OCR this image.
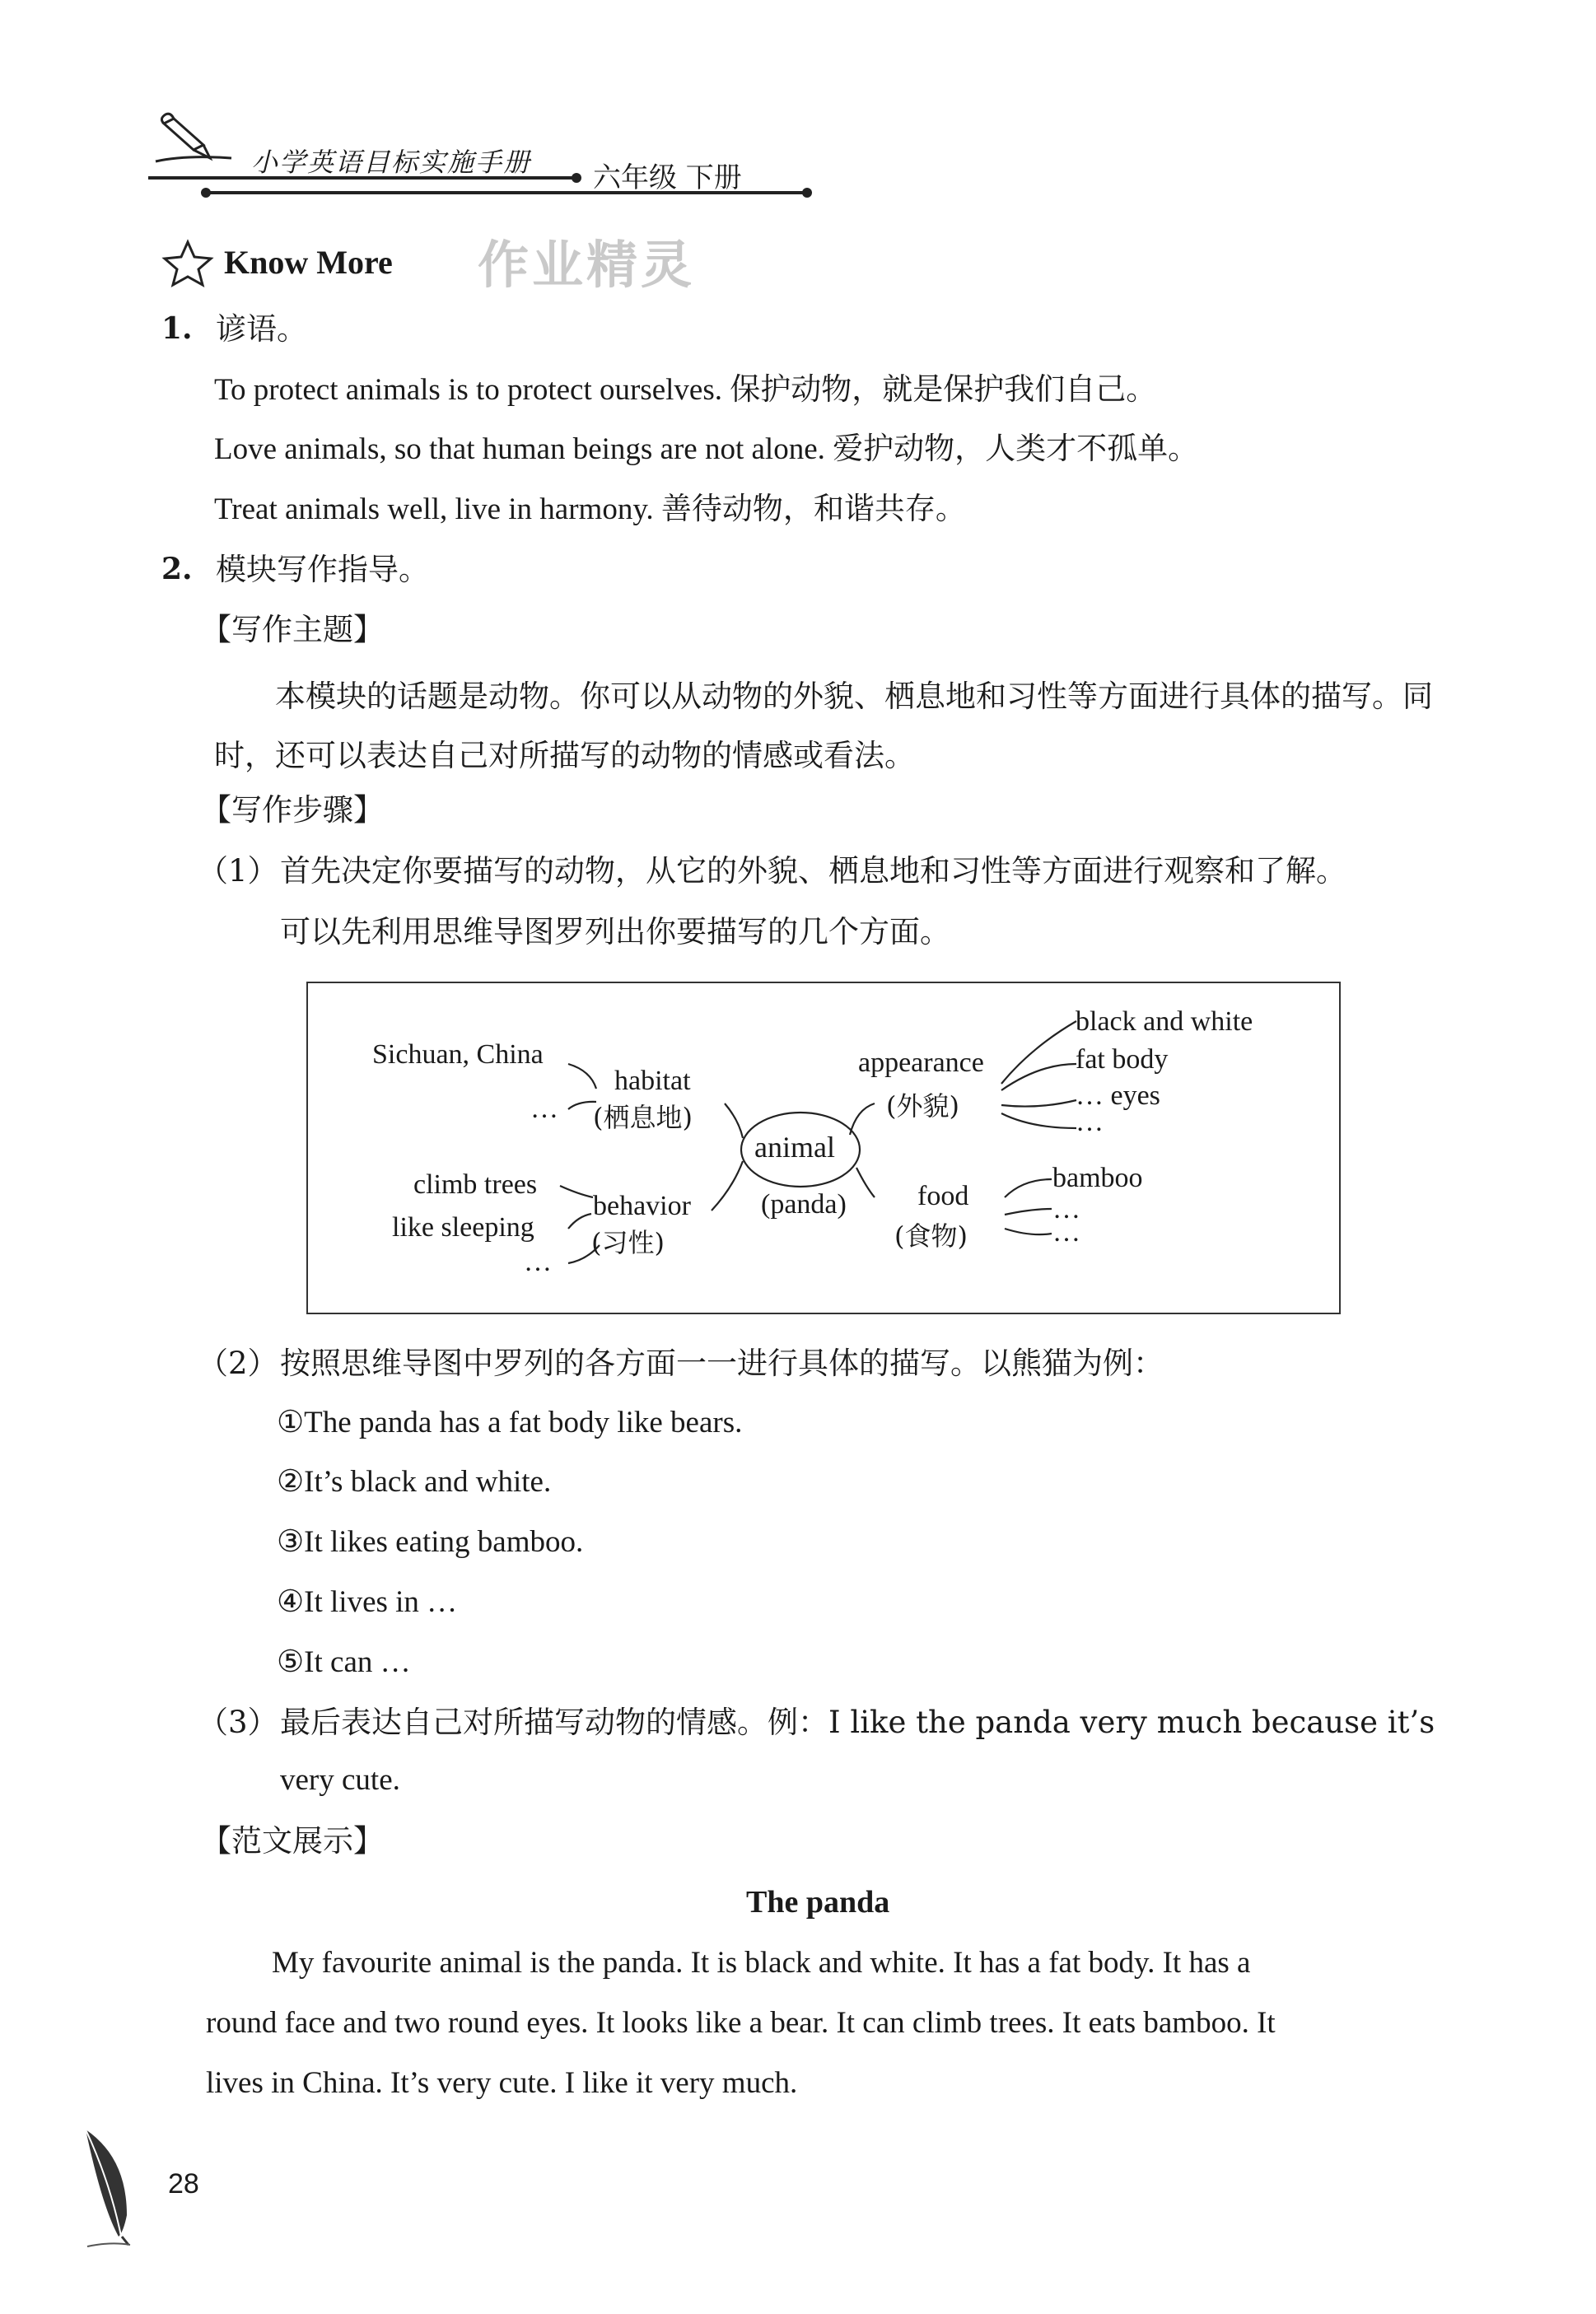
小学英语目标实施手册 六年级 下册
Know More 作业精灵
1. 谚语。
To protect animals is to protect ourselves. 保护动物，就是保护我们自己。
Love animals, so that human beings are not alone. 爱护动物，人类才不孤单。
Treat animals well, live in harmony. 善待动物，和谐共存。
2. 模块写作指导。
【写作主题】
本模块的话题是动物。你可以从动物的外貌、栖息地和习性等方面进行具体的描写。同时，还可以表达自己对所描写的动物的情感或看法。
【写作步骤】
（1） 首先决定你要描写的动物，从它的外貌、栖息地和习性等方面进行观察和了解。
可以先利用思维导图罗列出你要描写的几个方面。
animal
(panda)
Sichuan, China
habitat
… (栖息地)
appearance
(外貌)
black and white
fat body
… eyes
…
climb trees
behavior
like sleeping (习性)
…
food
(食物)
bamboo
…
…
（2） 按照思维导图中罗列的各方面一一进行具体的描写。以熊猫为例：
①The panda has a fat body like bears.
②It’s black and white.
③It likes eating bamboo.
④It lives in …
⑤It can …
（3） 最后表达自己对所描写动物的情感。例：I like the panda very much because it’s
very cute.
【范文展示】
The panda
My favourite animal is the panda. It is black and white. It has a fat body. It has a
round face and two round eyes. It looks like a bear. It can climb trees. It eats bamboo. It
lives in China. It’s very cute. I like it very much.
28
